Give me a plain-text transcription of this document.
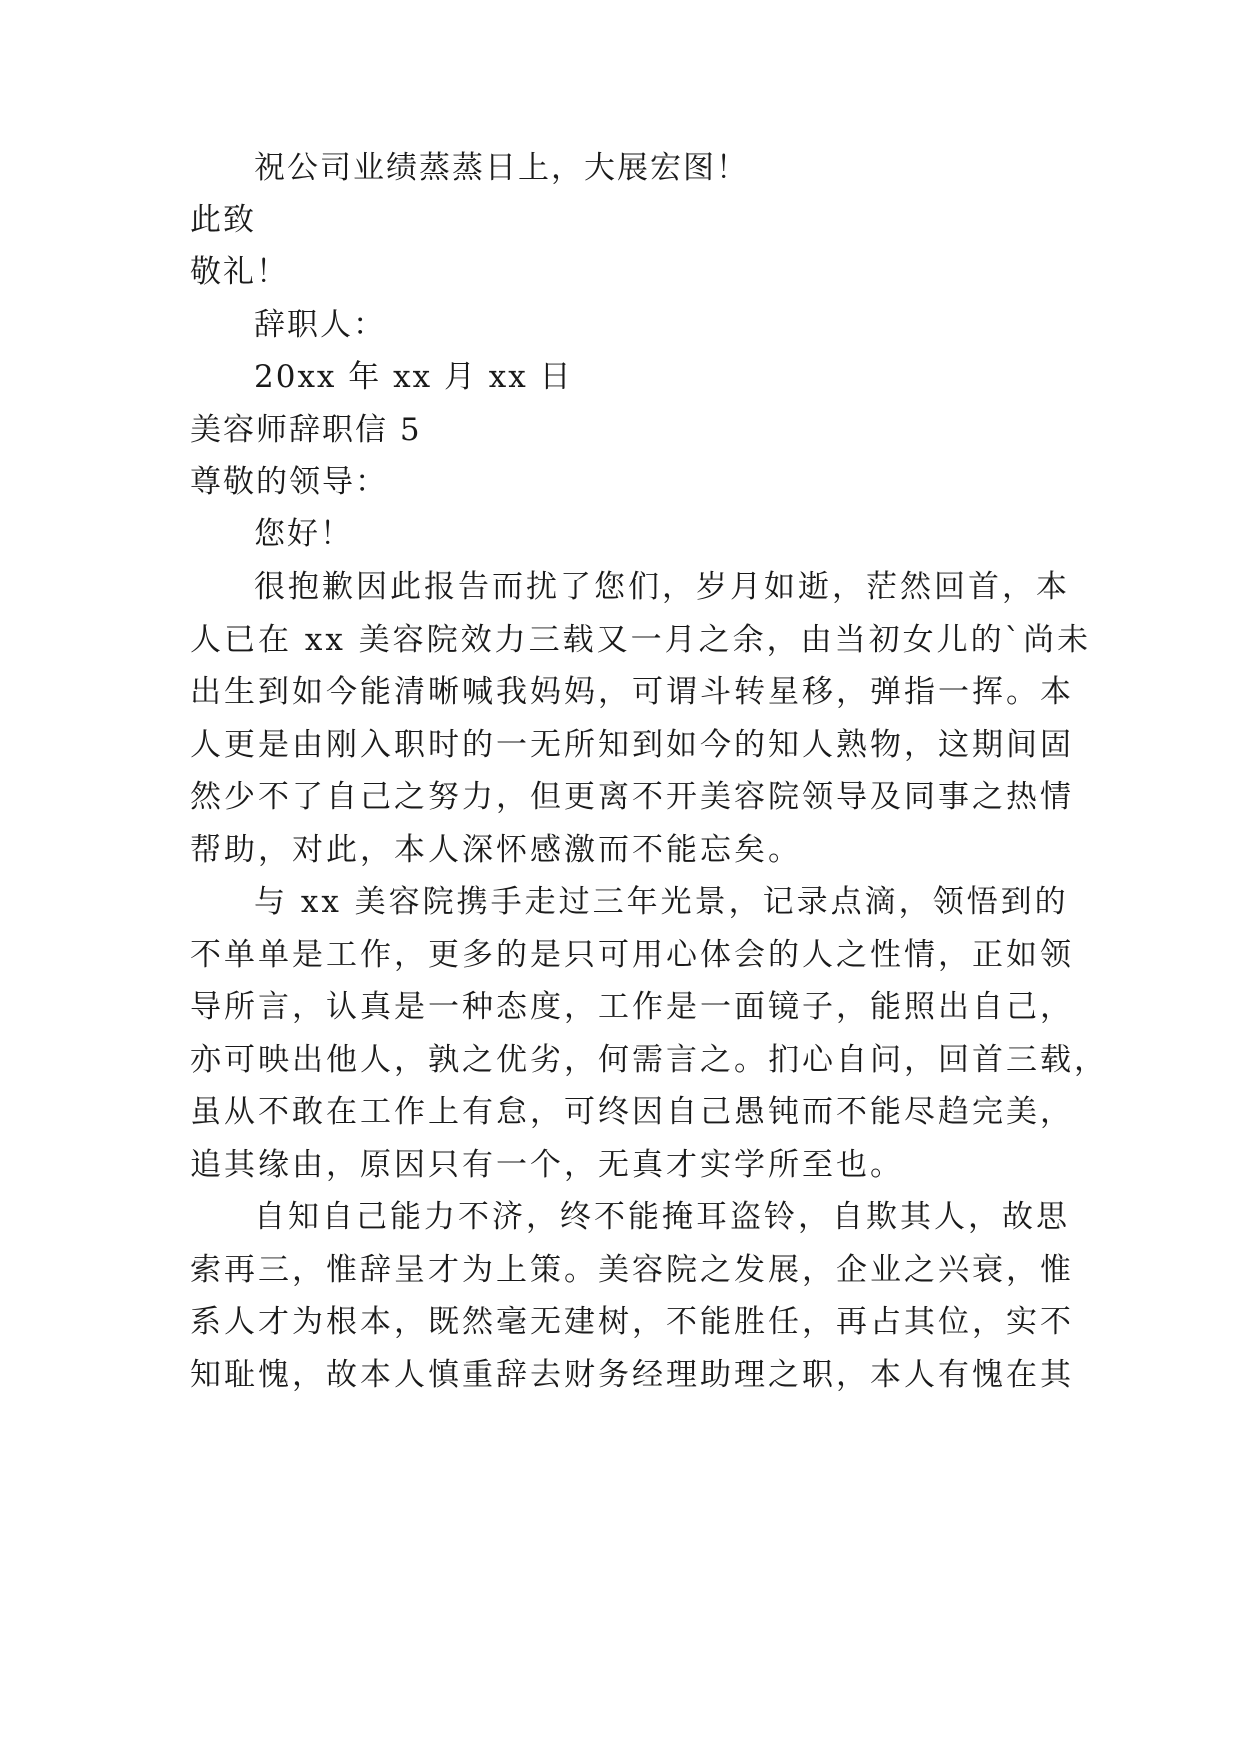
祝公司业绩蒸蒸日上，大展宏图！
此致
敬礼！
辞职人：
20xx 年 xx 月 xx 日
美容师辞职信 5
尊敬的领导：
您好！
很抱歉因此报告而扰了您们，岁月如逝，茫然回首，本
人已在 xx 美容院效力三载又一月之余，由当初女儿的`尚未
出生到如今能清晰喊我妈妈，可谓斗转星移，弹指一挥。本
人更是由刚入职时的一无所知到如今的知人熟物，这期间固
然少不了自己之努力，但更离不开美容院领导及同事之热情
帮助，对此，本人深怀感激而不能忘矣。
与 xx 美容院携手走过三年光景，记录点滴，领悟到的
不单单是工作，更多的是只可用心体会的人之性情，正如领
导所言，认真是一种态度，工作是一面镜子，能照出自己，
亦可映出他人，孰之优劣，何需言之。扪心自问，回首三载，
虽从不敢在工作上有怠，可终因自己愚钝而不能尽趋完美，
追其缘由，原因只有一个，无真才实学所至也。
自知自己能力不济，终不能掩耳盗铃，自欺其人，故思
索再三，惟辞呈才为上策。美容院之发展，企业之兴衰，惟
系人才为根本，既然毫无建树，不能胜任，再占其位，实不
知耻愧，故本人慎重辞去财务经理助理之职，本人有愧在其
